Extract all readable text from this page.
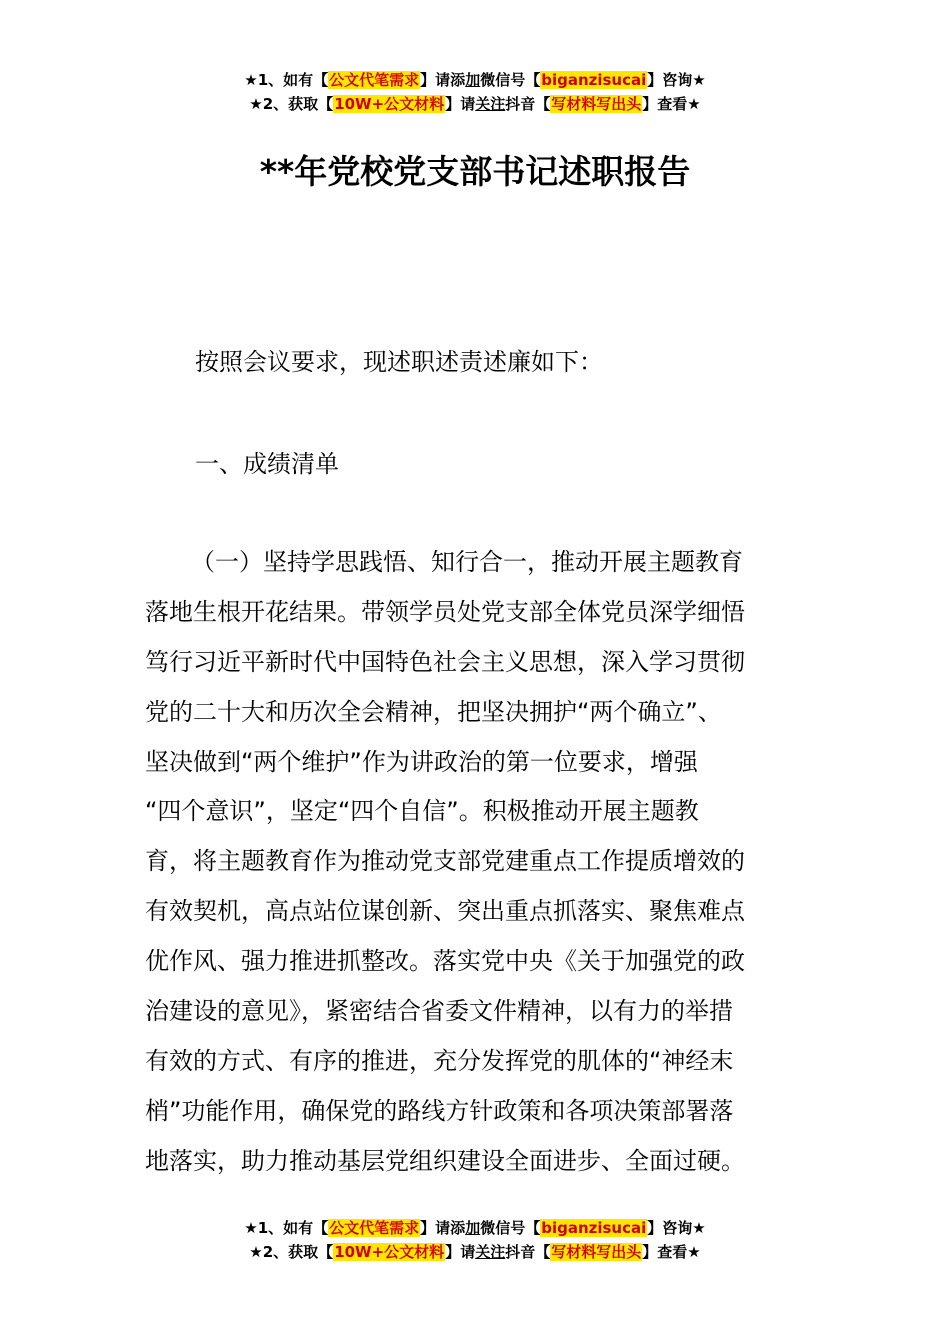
★1、如有【公文代笔需求】请添加微信号【biganzisucai】咨询★
★2、获取【10W+公文材料】请关注抖音【写材料写出头】查看★
**年党校党支部书记述职报告
按照会议要求，现述职述责述廉如下：
一、成绩清单
（一）坚持学思践悟、知行合一，推动开展主题教育
落地生根开花结果。带领学员处党支部全体党员深学细悟
笃行习近平新时代中国特色社会主义思想，深入学习贯彻
党的二十大和历次全会精神，把坚决拥护“两个确立”、
坚决做到“两个维护”作为讲政治的第一位要求，增强
“四个意识”，坚定“四个自信”。积极推动开展主题教
育，将主题教育作为推动党支部党建重点工作提质增效的
有效契机，高点站位谋创新、突出重点抓落实、聚焦难点
优作风、强力推进抓整改。落实党中央《关于加强党的政
治建设的意见》，紧密结合省委文件精神，以有力的举措
有效的方式、有序的推进，充分发挥党的肌体的“神经末
梢”功能作用，确保党的路线方针政策和各项决策部署落
地落实，助力推动基层党组织建设全面进步、全面过硬。
★1、如有【公文代笔需求】请添加微信号【biganzisucai】咨询★
★2、获取【10W+公文材料】请关注抖音【写材料写出头】查看★
